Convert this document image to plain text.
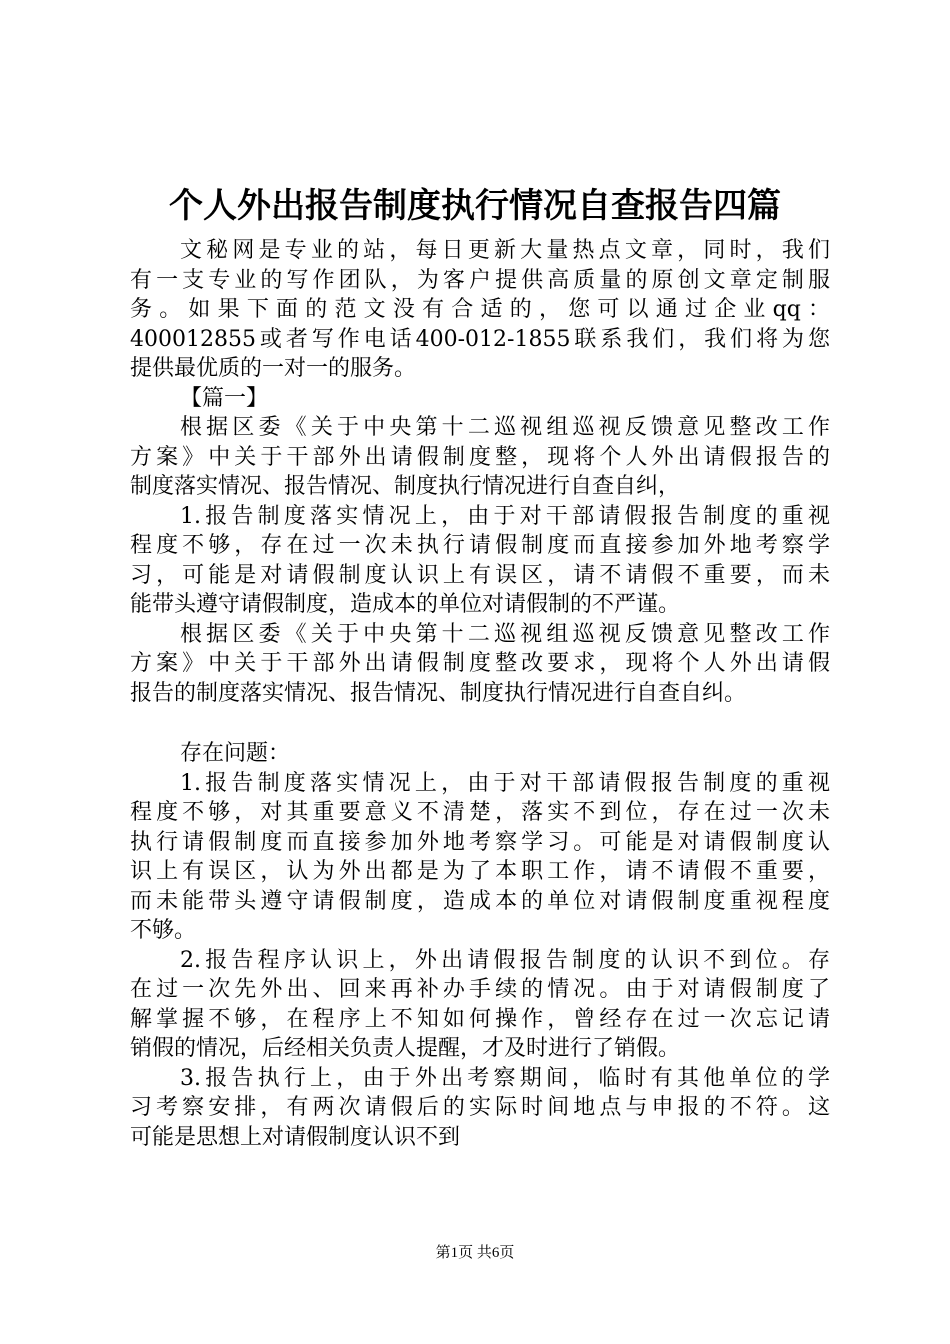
个人外出报告制度执行情况自查报告四篇
文秘网是专业的站，每日更新大量热点文章，同时，我们
有一支专业的写作团队，为客户提供高质量的原创文章定制服
务。如果下面的范文没有合适的，您可以通过企业qq：
400012855或者写作电话400-012-1855联系我们，我们将为您
提供最优质的一对一的服务。
【篇一】
根据区委《关于中央第十二巡视组巡视反馈意见整改工作
方案》中关于干部外出请假制度整，现将个人外出请假报告的
制度落实情况、报告情况、制度执行情况进行自查自纠，
1.报告制度落实情况上，由于对干部请假报告制度的重视
程度不够，存在过一次未执行请假制度而直接参加外地考察学
习，可能是对请假制度认识上有误区，请不请假不重要，而未
能带头遵守请假制度，造成本的单位对请假制的不严谨。
根据区委《关于中央第十二巡视组巡视反馈意见整改工作
方案》中关于干部外出请假制度整改要求，现将个人外出请假
报告的制度落实情况、报告情况、制度执行情况进行自查自纠。
存在问题：
1.报告制度落实情况上，由于对干部请假报告制度的重视
程度不够，对其重要意义不清楚，落实不到位，存在过一次未
执行请假制度而直接参加外地考察学习。可能是对请假制度认
识上有误区，认为外出都是为了本职工作，请不请假不重要，
而未能带头遵守请假制度，造成本的单位对请假制度重视程度
不够。
2.报告程序认识上，外出请假报告制度的认识不到位。存
在过一次先外出、回来再补办手续的情况。由于对请假制度了
解掌握不够，在程序上不知如何操作，曾经存在过一次忘记请
销假的情况，后经相关负责人提醒，才及时进行了销假。
3.报告执行上，由于外出考察期间，临时有其他单位的学
习考察安排，有两次请假后的实际时间地点与申报的不符。这
可能是思想上对请假制度认识不到
第1页 共6页
